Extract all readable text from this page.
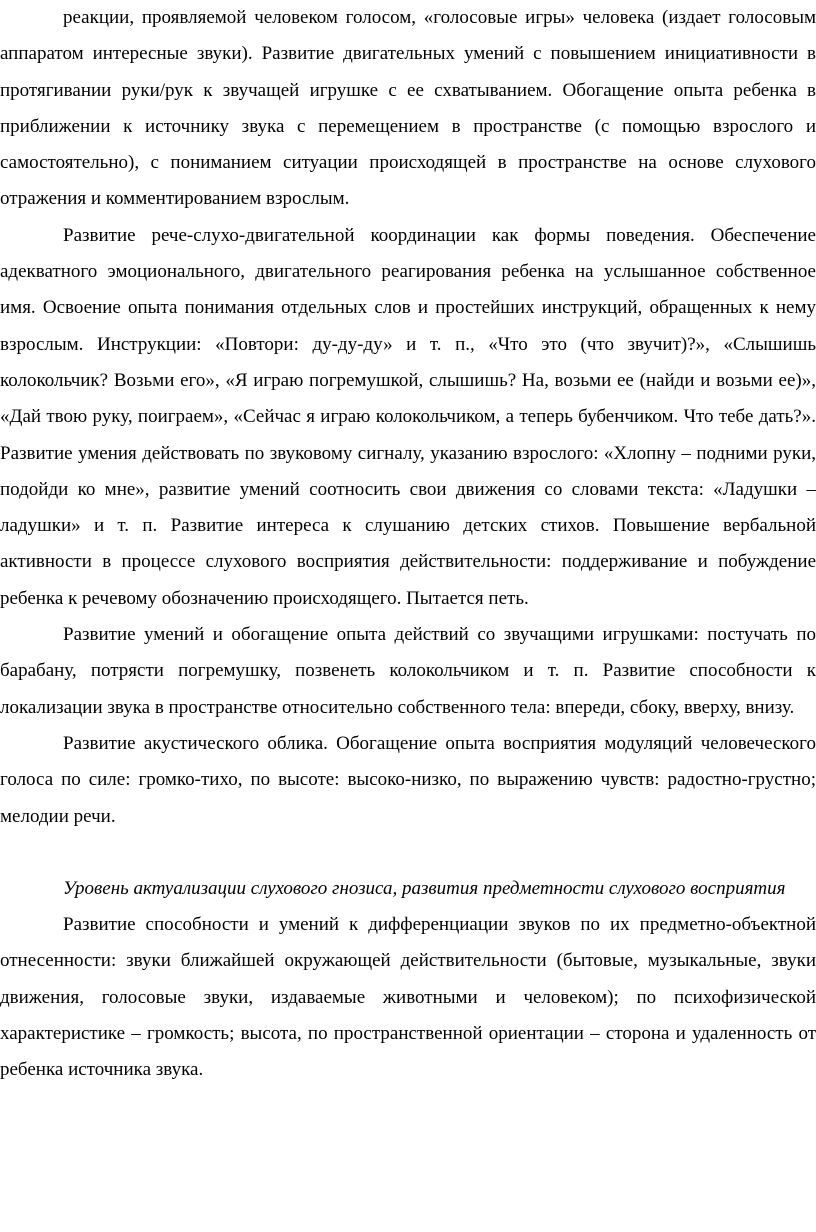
реакции, проявляемой человеком голосом, «голосовые игры» человека (издает голосовым аппаратом интересные звуки). Развитие двигательных умений с повышением инициативности в протягивании руки/рук к звучащей игрушке с ее схватыванием. Обогащение опыта ребенка в приближении к источнику звука с перемещением в пространстве (с помощью взрослого и самостоятельно), с пониманием ситуации происходящей в пространстве на основе слухового отражения и комментированием взрослым.

Развитие рече-слухо-двигательной координации как формы поведения. Обеспечение адекватного эмоционального, двигательного реагирования ребенка на услышанное собственное имя. Освоение опыта понимания отдельных слов и простейших инструкций, обращенных к нему взрослым. Инструкции: «Повтори: ду-ду-ду» и т. п., «Что это (что звучит)?», «Слышишь колокольчик? Возьми его», «Я играю погремушкой, слышишь? На, возьми ее (найди и возьми ее)», «Дай твою руку, поиграем», «Сейчас я играю колокольчиком, а теперь бубенчиком. Что тебе дать?». Развитие умения действовать по звуковому сигналу, указанию взрослого: «Хлопну – подними руки, подойди ко мне», развитие умений соотносить свои движения со словами текста: «Ладушки – ладушки» и т. п. Развитие интереса к слушанию детских стихов. Повышение вербальной активности в процессе слухового восприятия действительности: поддерживание и побуждение ребенка к речевому обозначению происходящего. Пытается петь.

Развитие умений и обогащение опыта действий со звучащими игрушками: постучать по барабану, потрясти погремушку, позвенеть колокольчиком и т. п. Развитие способности к локализации звука в пространстве относительно собственного тела: впереди, сбоку, вверху, внизу.

Развитие акустического облика. Обогащение опыта восприятия модуляций человеческого голоса по силе: громко-тихо, по высоте: высоко-низко, по выражению чувств: радостно-грустно; мелодии речи.

Уровень актуализации слухового гнозиса, развития предметности слухового восприятия

Развитие способности и умений к дифференциации звуков по их предметно-объектной отнесенности: звуки ближайшей окружающей действительности (бытовые, музыкальные, звуки движения, голосовые звуки, издаваемые животными и человеком); по психофизической характеристике – громкость; высота, по пространственной ориентации – сторона и удаленность от ребенка источника звука.
